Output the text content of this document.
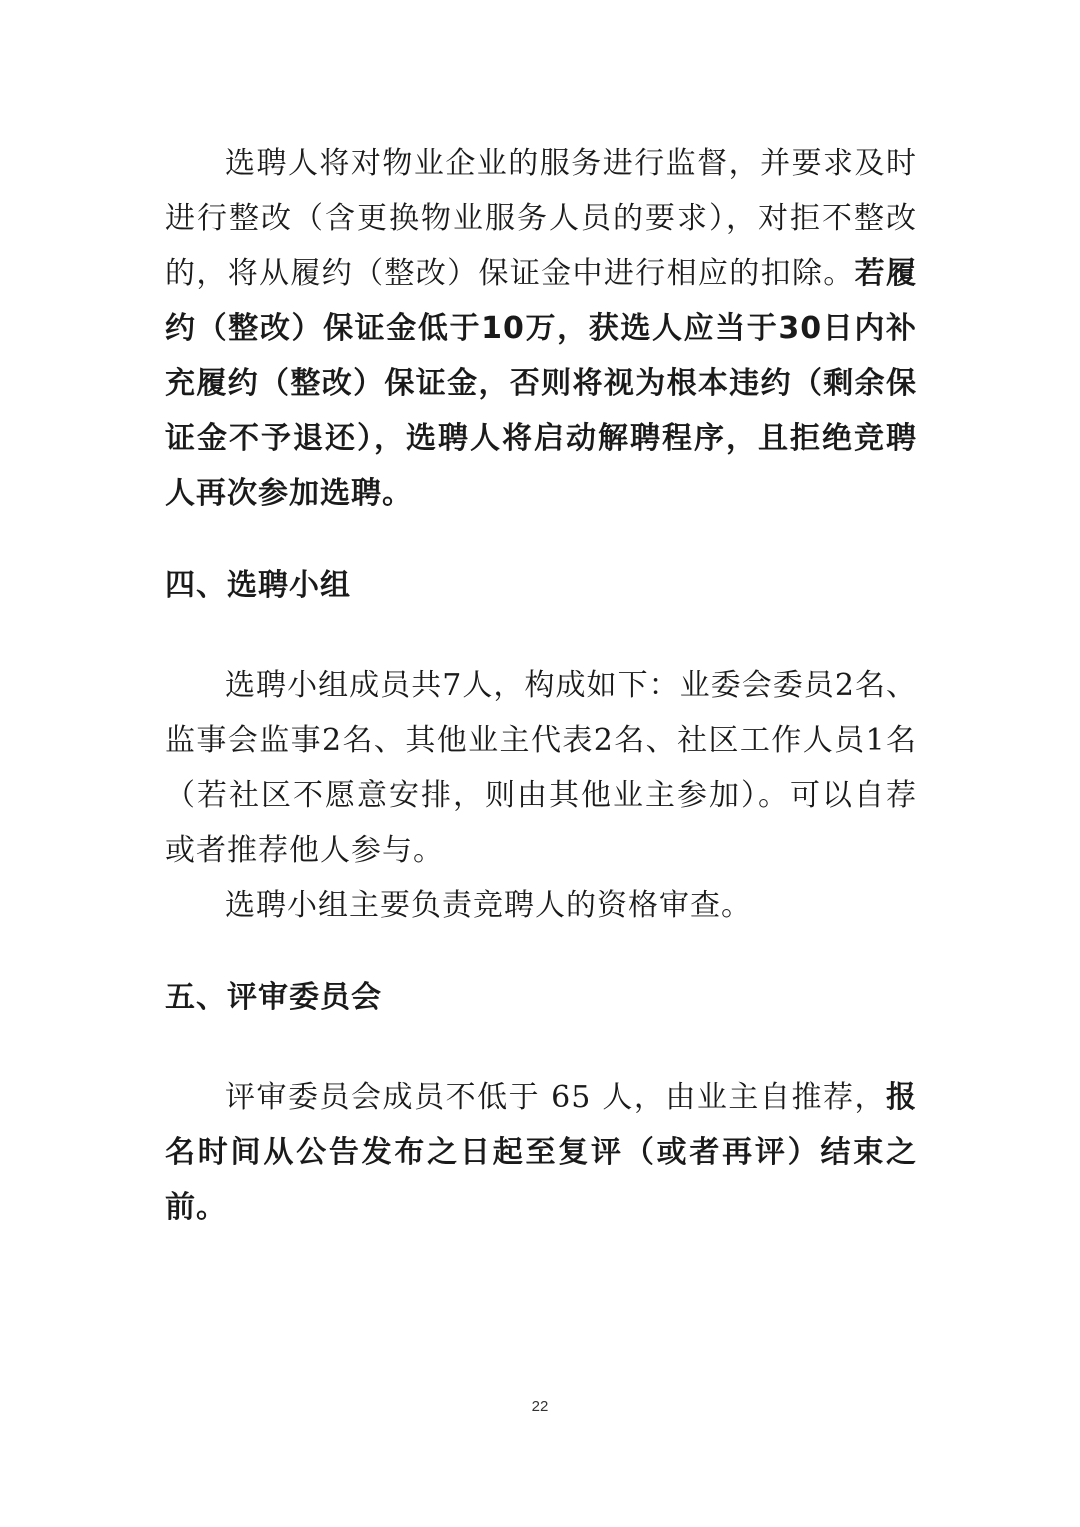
选聘人将对物业企业的服务进行监督，并要求及时进行整改（含更换物业服务人员的要求），对拒不整改的，将从履约（整改）保证金中进行相应的扣除。若履约（整改）保证金低于10万，获选人应当于30日内补充履约（整改）保证金，否则将视为根本违约（剩余保证金不予退还），选聘人将启动解聘程序，且拒绝竞聘人再次参加选聘。

四、选聘小组

选聘小组成员共7人，构成如下：业委会委员2名、监事会监事2名、其他业主代表2名、社区工作人员1名（若社区不愿意安排，则由其他业主参加）。可以自荐或者推荐他人参与。

选聘小组主要负责竞聘人的资格审查。

五、评审委员会

评审委员会成员不低于 65 人，由业主自推荐，报名时间从公告发布之日起至复评（或者再评）结束之前。

22
